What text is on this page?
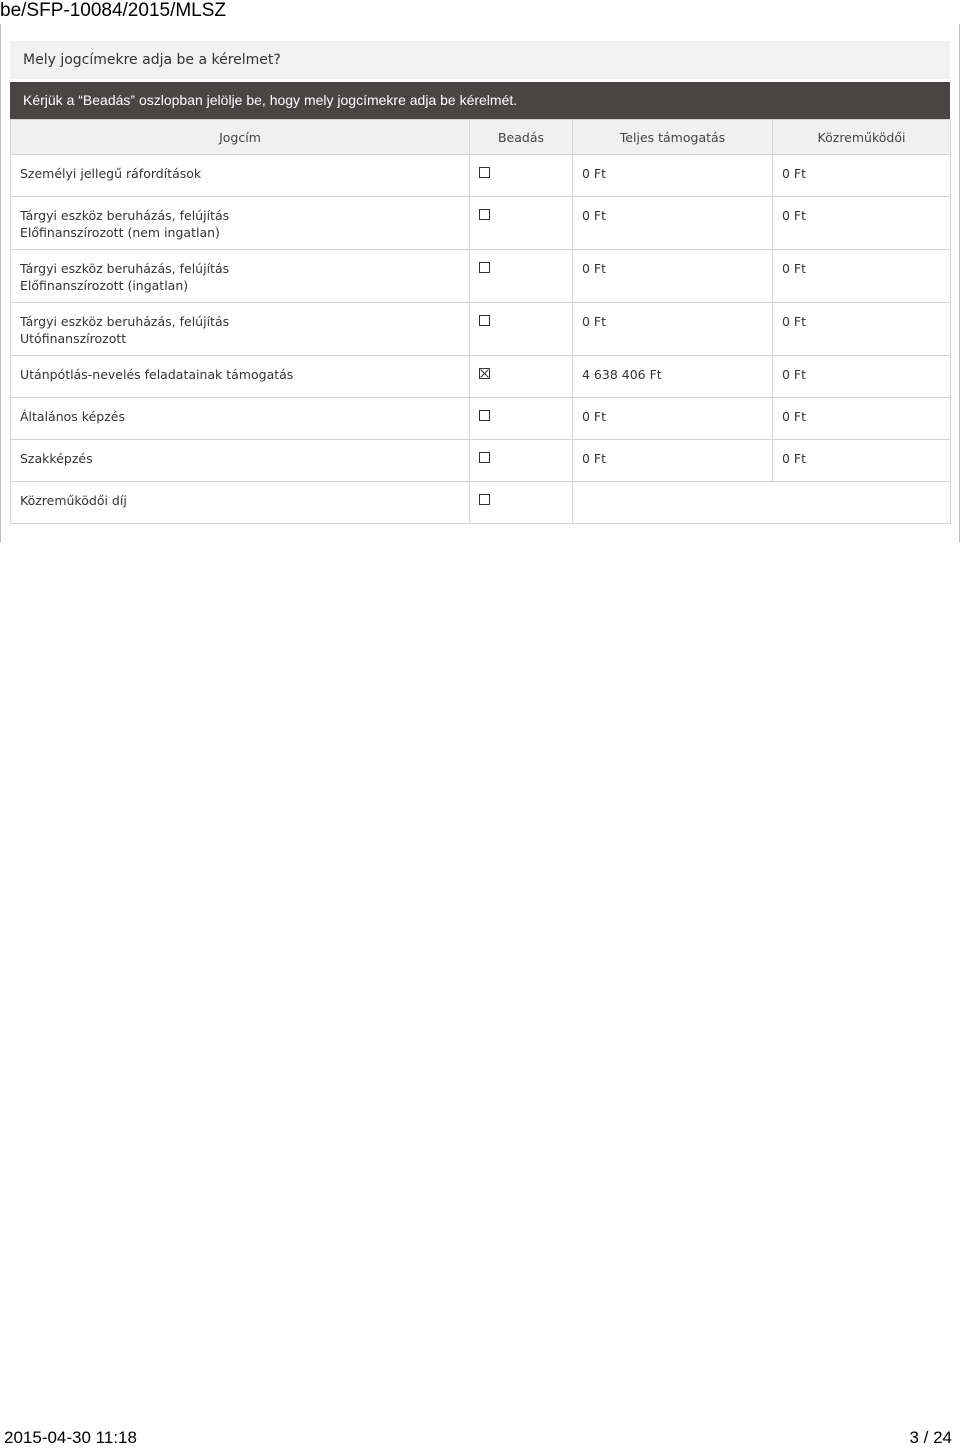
be/SFP-10084/2015/MLSZ
Mely jogcímekre adja be a kérelmet?
Kérjük a “Beadás” oszlopban jelölje be, hogy mely jogcímekre adja be kérelmét.
Jogcím	Beadás	Teljes támogatás	Közreműködői

Személyi jellegű ráfordítások		0 Ft	0 Ft

Tárgyi eszköz beruházás, felújítás
Előfinanszírozott (nem ingatlan)		0 Ft	0 Ft

Tárgyi eszköz beruházás, felújítás
Előfinanszírozott (ingatlan)		0 Ft	0 Ft

Tárgyi eszköz beruházás, felújítás
Utófinanszírozott		0 Ft	0 Ft

Utánpótlás-nevelés feladatainak támogatás		4 638 406 Ft	0 Ft

Általános képzés		0 Ft	0 Ft

Szakképzés		0 Ft	0 Ft

Közreműködői díj			

2015-04-30 11:18	3 / 24
